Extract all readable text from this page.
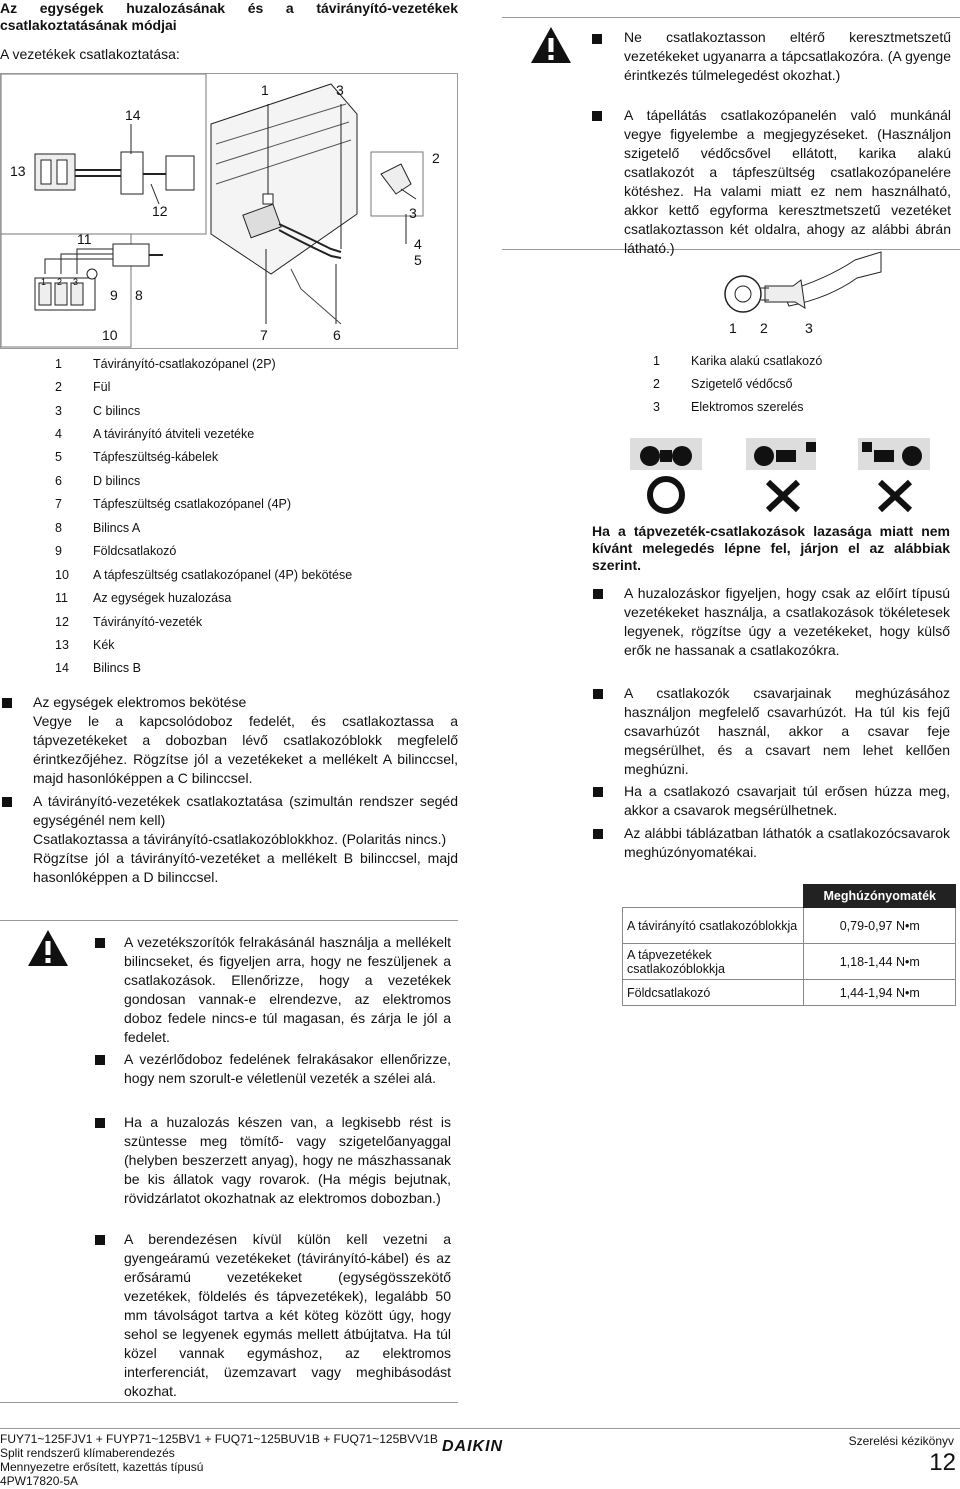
Az egységek huzalozásának és a távirányító-vezetékek csatlakoztatásának módjai
A vezetékek csatlakoztatása:
13
14
12
11
1	3
2
3
4
5
9 8
10	7	6
1 2 3
1	Távirányító-csatlakozópanel (2P)
2	Fül
3	C bilincs
4	A távirányító átviteli vezetéke
5	Tápfeszültség-kábelek
6	D bilincs
7	Tápfeszültség csatlakozópanel (4P)
8	Bilincs A
9	Földcsatlakozó
10	A tápfeszültség csatlakozópanel (4P) bekötése
11	Az egységek huzalozása
12	Távirányító-vezeték
13	Kék
14	Bilincs B
Az egységek elektromos bekötése
Vegye le a kapcsolódoboz fedelét, és csatlakoztassa a tápvezetékeket a dobozban lévő csatlakozóblokk megfelelő érintkezőjéhez. Rögzítse jól a vezetékeket a mellékelt A bilinccsel, majd hasonlóképpen a C bilinccsel.
A távirányító-vezetékek csatlakoztatása (szimultán rendszer segéd egységénél nem kell)
Csatlakoztassa a távirányító-csatlakozóblokkhoz. (Polaritás nincs.)
Rögzítse jól a távirányító-vezetéket a mellékelt B bilinccsel, majd hasonlóképpen a D bilinccsel.
A vezetékszorítók felrakásánál használja a mellékelt bilincseket, és figyeljen arra, hogy ne feszüljenek a csatlakozások. Ellenőrizze, hogy a vezetékek gondosan vannak-e elrendezve, az elektromos doboz fedele nincs-e túl magasan, és zárja le jól a fedelet.
A vezérlődoboz fedelének felrakásakor ellenőrizze, hogy nem szorult-e véletlenül vezeték a szélei alá.
Ha a huzalozás készen van, a legkisebb rést is szüntesse meg tömítő- vagy szigetelőanyaggal (helyben beszerzett anyag), hogy ne mászhassanak be kis állatok vagy rovarok. (Ha mégis bejutnak, rövidzárlatot okozhatnak az elektromos dobozban.)
A berendezésen kívül külön kell vezetni a gyengeáramú vezetékeket (távirányító-kábel) és az erősáramú vezetékeket (egységösszekötő vezetékek, földelés és tápvezetékek), legalább 50 mm távolságot tartva a két köteg között úgy, hogy sehol se legyenek egymás mellett átbújtatva. Ha túl közel vannak egymáshoz, az elektromos interferenciát, üzemzavart vagy meghibásodást okozhat.
Ne csatlakoztasson eltérő keresztmetszetű vezetékeket ugyanarra a tápcsatlakozóra. (A gyenge érintkezés túlmelegedést okozhat.)
A tápellátás csatlakozópanelén való munkánál vegye figyelembe a megjegyzéseket. (Használjon szigetelő védőcsővel ellátott, karika alakú csatlakozót a tápfeszültség csatlakozópanelére kötéshez. Ha valami miatt ez nem használható, akkor kettő egyforma keresztmetszetű vezetéket csatlakoztasson két oldalra, ahogy az alábbi ábrán látható.)
1 2	3
1	Karika alakú csatlakozó
2	Szigetelő védőcső
3	Elektromos szerelés
Ha a tápvezeték-csatlakozások lazasága miatt nem kívánt melegedés lépne fel, járjon el az alábbiak szerint.
A huzalozáskor figyeljen, hogy csak az előírt típusú vezetékeket használja, a csatlakozások tökéletesek legyenek, rögzítse úgy a vezetékeket, hogy külső erők ne hassanak a csatlakozókra.
A csatlakozók csavarjainak meghúzásához használjon megfelelő csavarhúzót. Ha túl kis fejű csavarhúzót használ, akkor a csavar feje megsérülhet, és a csavart nem lehet kellően meghúzni.
Ha a csatlakozó csavarjait túl erősen húzza meg, akkor a csavarok megsérülhetnek.
Az alábbi táblázatban láthatók a csatlakozócsavarok meghúzónyomatékai.
	Meghúzónyomaték
A távirányító csatlakozóblokkja	0,79-0,97 N•m
A tápvezetékek csatlakozóblokkja	1,18-1,44 N•m
Földcsatlakozó	1,44-1,94 N•m
FUY71~125FJV1 + FUYP71~125BV1 + FUQ71~125BUV1B + FUQ71~125BVV1B
Split rendszerű klímaberendezés
Mennyezetre erősített, kazettás típusú
4PW17820-5A
DAIKIN	Szerelési kézikönyv
12
